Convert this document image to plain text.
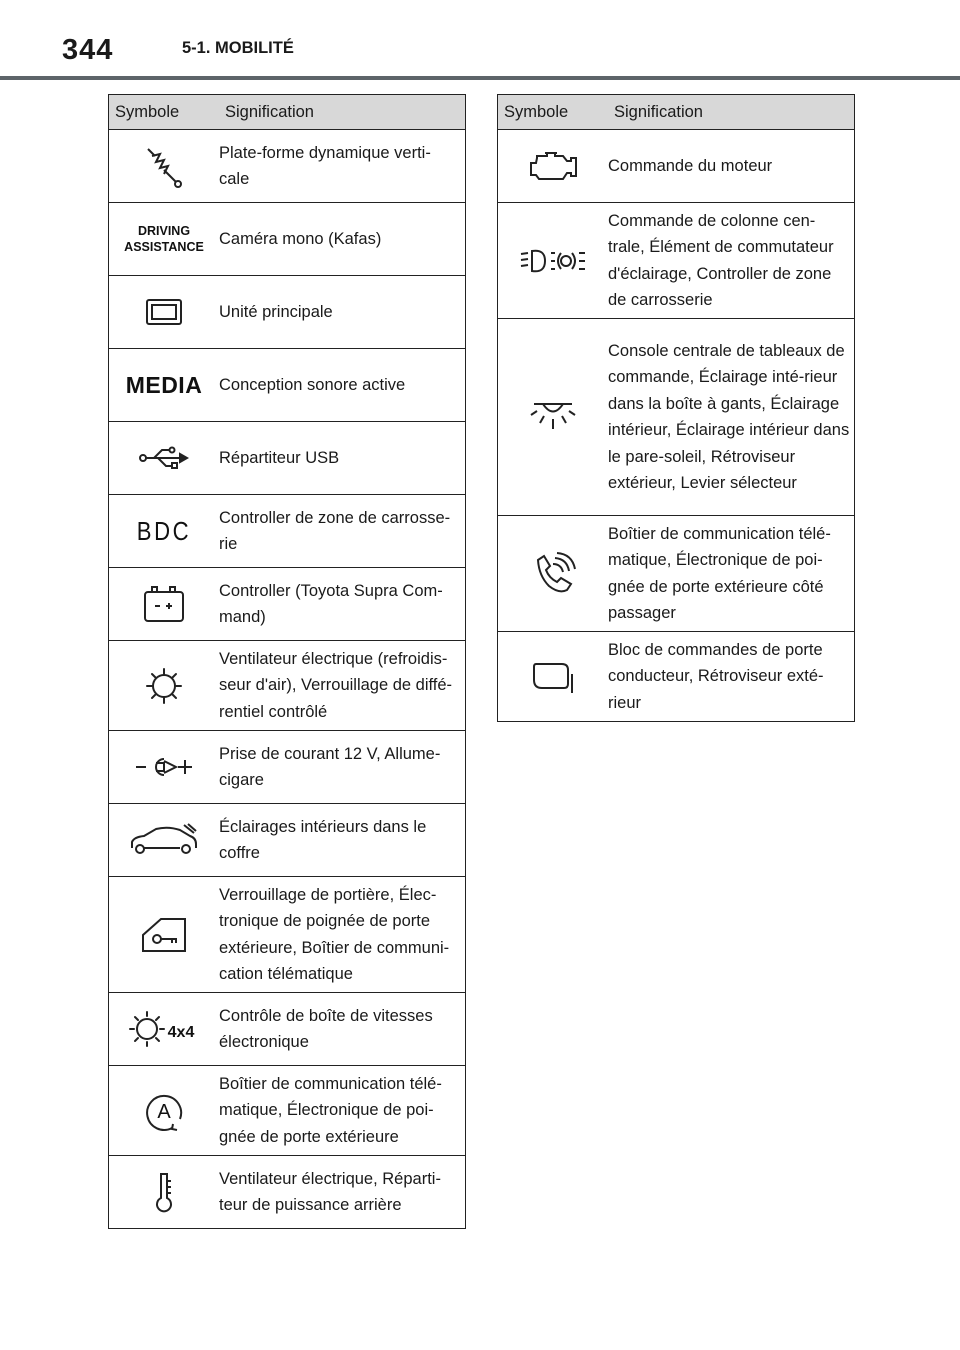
344	5-1. MOBILITÉ
Symbole	Signification

	Plate-forme dynamique verti-cale

DRIVING
ASSISTANCE	Caméra mono (Kafas)

	Unité principale
MEDIA	Conception sonore active

	Répartiteur USB
BDC	Controller de zone de carrosse-rie

	Controller (Toyota Supra Com-mand)

	Ventilateur électrique (refroidis-seur d'air), Verrouillage de diffé-rentiel contrôlé

	Prise de courant 12 V, Allume-cigare

	Éclairages intérieurs dans le coffre

	Verrouillage de portière, Élec-tronique de poignée de porte extérieure, Boîtier de communi-cation télématique

4x4	Contrôle de boîte de vitesses électronique

A	Boîtier de communication télé-matique, Électronique de poi-gnée de porte extérieure

	Ventilateur électrique, Réparti-teur de puissance arrière
Symbole	Signification

	Commande du moteur

	Commande de colonne cen-trale, Élément de commutateur d'éclairage, Controller de zone de carrosserie

	Console centrale de tableaux de commande, Éclairage inté-rieur dans la boîte à gants, Éclairage intérieur, Éclairage intérieur dans le pare-soleil, Rétroviseur extérieur, Levier sélecteur

	Boîtier de communication télé-matique, Électronique de poi-gnée de porte extérieure côté passager

	Bloc de commandes de porte conducteur, Rétroviseur exté-rieur
